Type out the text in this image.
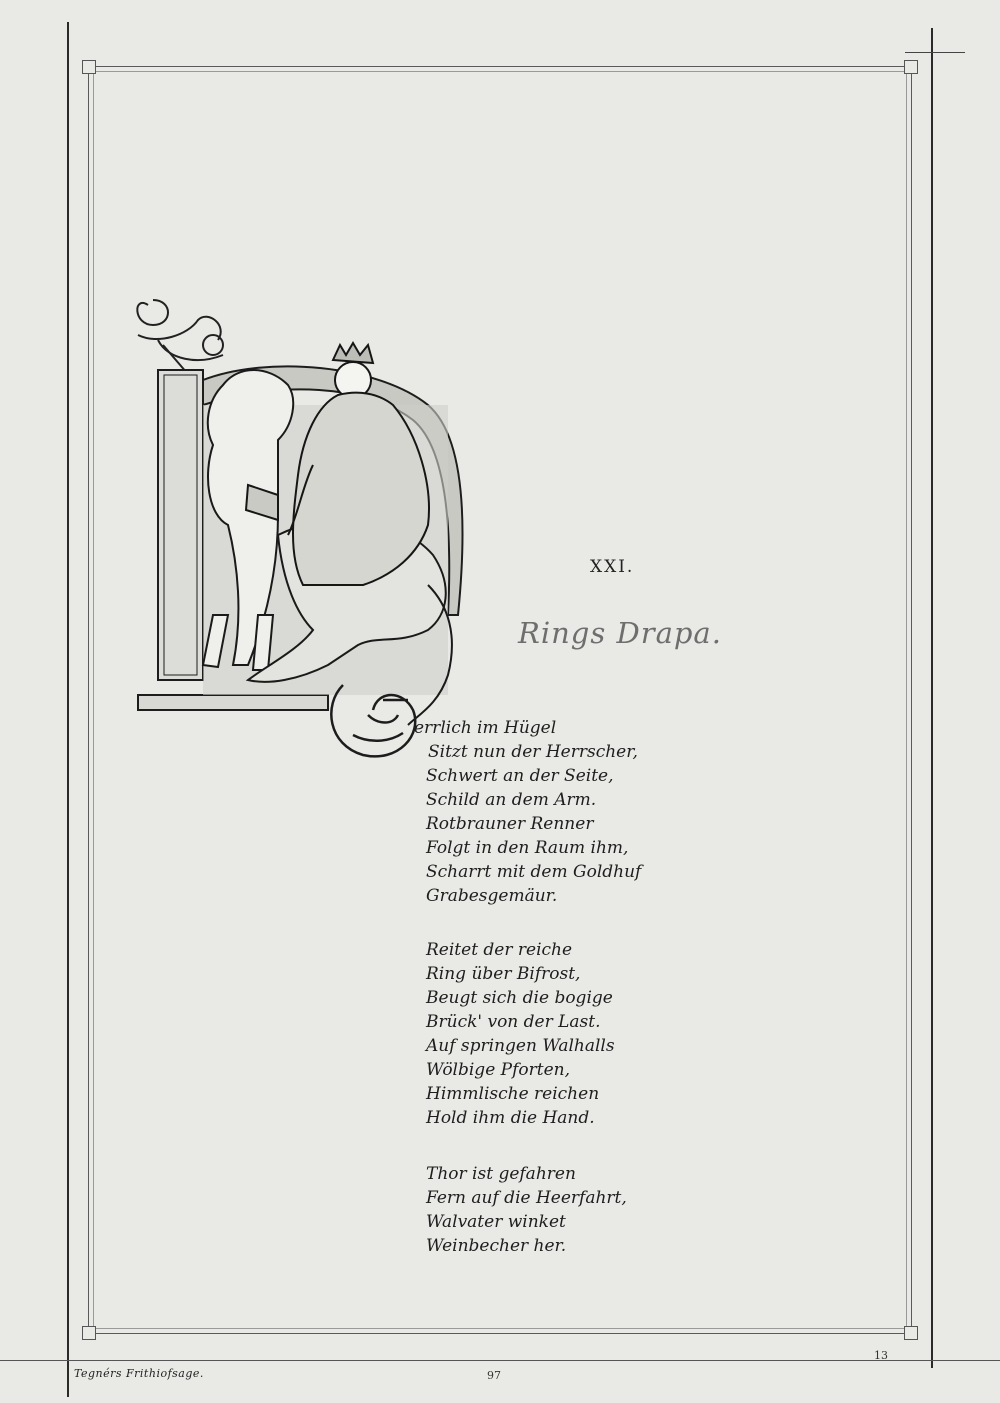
XXI.
Rings Drapa.
errlich im Hügel
Sitzt nun der Herrscher,
Schwert an der Seite,
Schild an dem Arm.
Rotbrauner Renner
Folgt in den Raum ihm,
Scharrt mit dem Goldhuf
Grabesgemäur.
Reitet der reiche
Ring über Bifrost,
Beugt sich die bogige
Brück' von der Last.
Auf springen Walhalls
Wölbige Pforten,
Himmlische reichen
Hold ihm die Hand.
Thor ist gefahren
Fern auf die Heerfahrt,
Walvater winket
Weinbecher her.
Tegnérs Frithiofsage.	97
13
